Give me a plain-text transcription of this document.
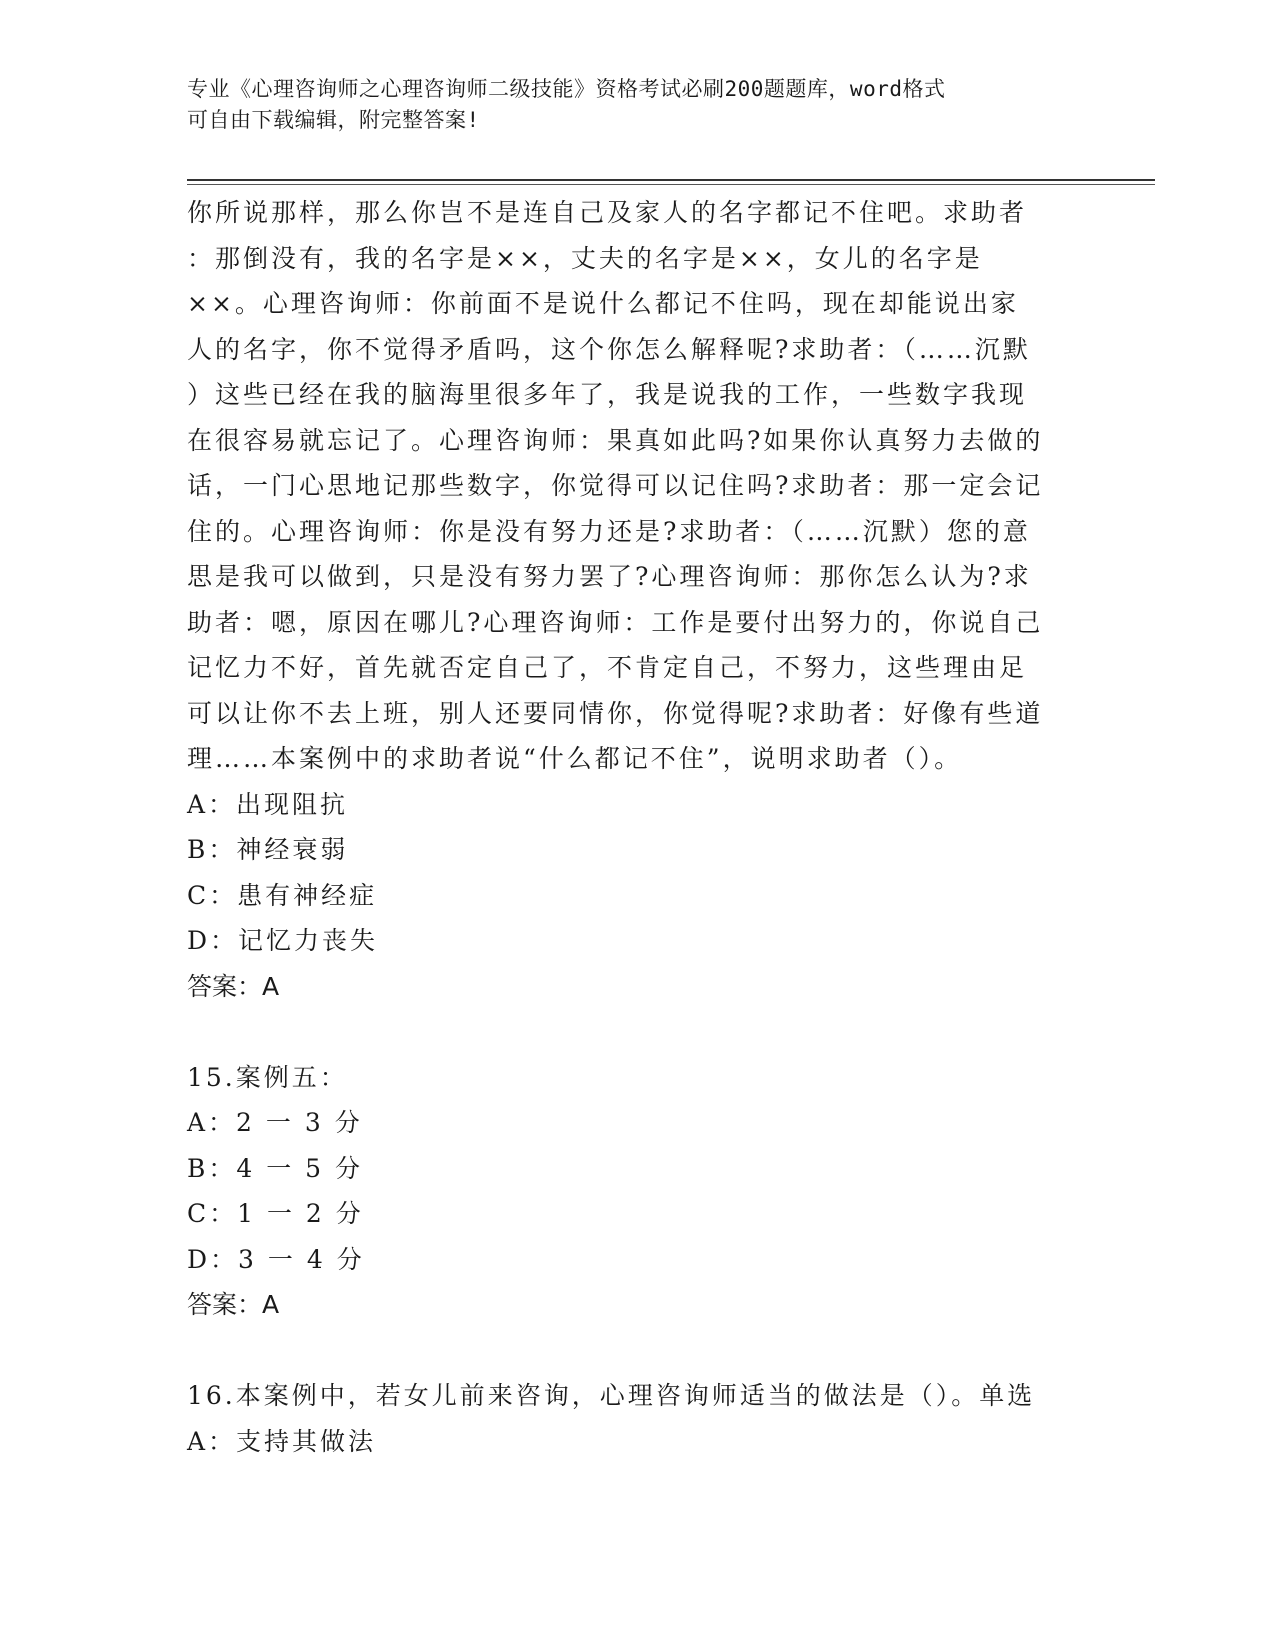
专业《心理咨询师之心理咨询师二级技能》资格考试必刷200题题库，word格式
可自由下载编辑，附完整答案!
你所说那样，那么你岂不是连自己及家人的名字都记不住吧。求助者
：那倒没有，我的名字是××，丈夫的名字是××，女儿的名字是
××。心理咨询师：你前面不是说什么都记不住吗，现在却能说出家
人的名字，你不觉得矛盾吗，这个你怎么解释呢?求助者：（……沉默
）这些已经在我的脑海里很多年了，我是说我的工作，一些数字我现
在很容易就忘记了。心理咨询师：果真如此吗?如果你认真努力去做的
话，一门心思地记那些数字，你觉得可以记住吗?求助者：那一定会记
住的。心理咨询师：你是没有努力还是?求助者：（……沉默）您的意
思是我可以做到，只是没有努力罢了?心理咨询师：那你怎么认为?求
助者：嗯，原因在哪儿?心理咨询师：工作是要付出努力的，你说自己
记忆力不好，首先就否定自己了，不肯定自己，不努力，这些理由足
可以让你不去上班，别人还要同情你，你觉得呢?求助者：好像有些道
理……本案例中的求助者说“什么都记不住”，说明求助者（）。
A：出现阻抗
B：神经衰弱
C：患有神经症
D：记忆力丧失
答案：A
15.案例五：
A：2 一 3 分
B：4 一 5 分
C：1 一 2 分
D：3 一 4 分
答案：A
16.本案例中，若女儿前来咨询，心理咨询师适当的做法是（）。单选
A：支持其做法
